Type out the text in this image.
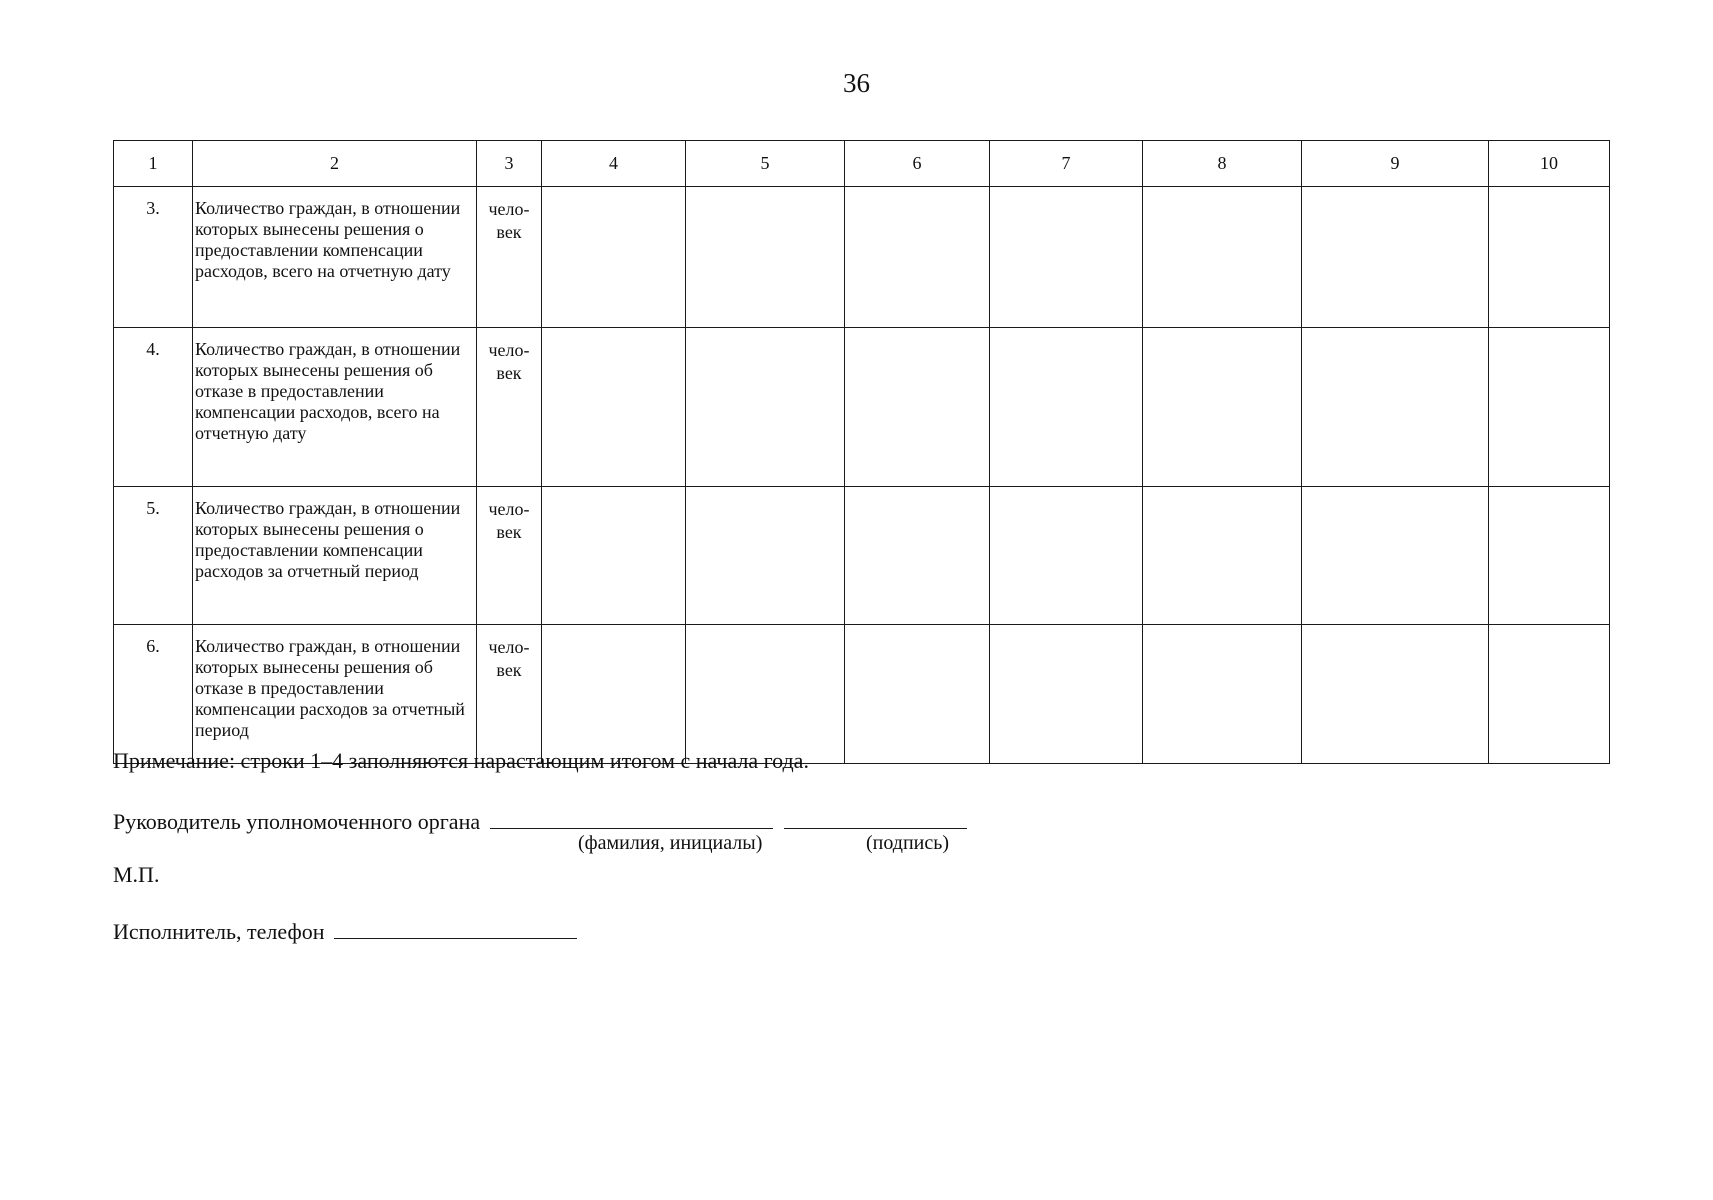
36
1	2	3	4	5	6	7	8	9	10
3.	Количество граждан, в отношении которых вынесены решения о предоставлении компенсации расходов, всего на отчетную дату	чело-
век							
4.	Количество граждан, в отношении которых вынесены решения об отказе в предоставлении компенсации расходов, всего на отчетную дату	чело-
век							
5.	Количество граждан, в отношении которых вынесены решения о предоставлении компенсации расходов за отчетный период	чело-
век							
6.	Количество граждан, в отношении которых вынесены решения об отказе в предоставлении компенсации расходов за отчетный период	чело-
век							
Примечание: строки 1–4 заполняются нарастающим итогом с начала года.
Руководитель уполномоченного органа
(фамилия, инициалы)	(подпись)
М.П.
Исполнитель, телефон
